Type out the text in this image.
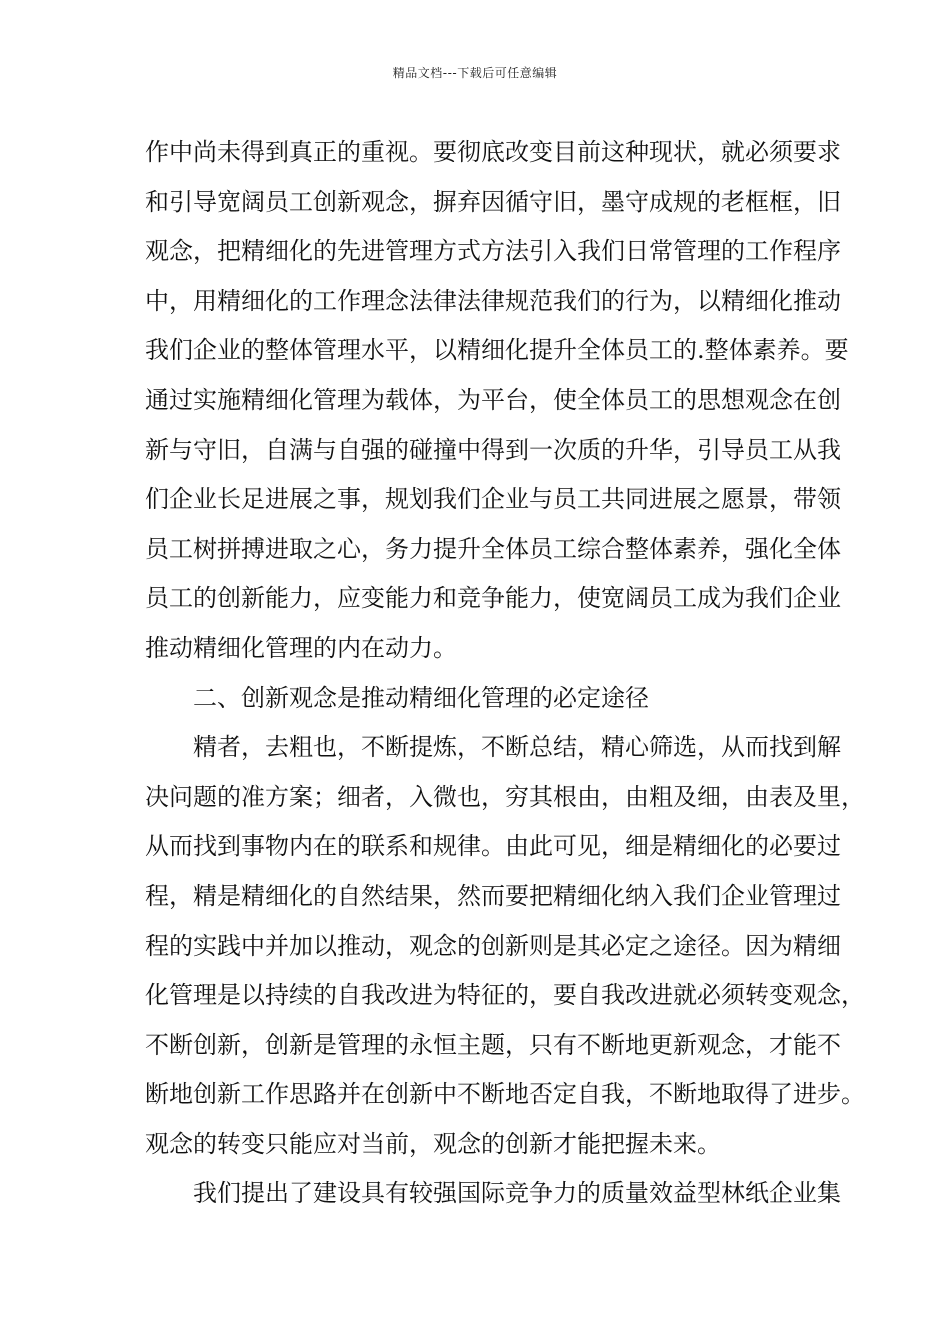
精品文档---下载后可任意编辑
作中尚未得到真正的重视。要彻底改变目前这种现状，就必须要求
和引导宽阔员工创新观念，摒弃因循守旧，墨守成规的老框框，旧
观念，把精细化的先进管理方式方法引入我们日常管理的工作程序
中，用精细化的工作理念法律法律规范我们的行为，以精细化推动
我们企业的整体管理水平，以精细化提升全体员工的.整体素养。要
通过实施精细化管理为载体，为平台，使全体员工的思想观念在创
新与守旧，自满与自强的碰撞中得到一次质的升华，引导员工从我
们企业长足进展之事，规划我们企业与员工共同进展之愿景，带领
员工树拼搏进取之心，务力提升全体员工综合整体素养，强化全体
员工的创新能力，应变能力和竞争能力，使宽阔员工成为我们企业
推动精细化管理的内在动力。
二、创新观念是推动精细化管理的必定途径
精者，去粗也，不断提炼，不断总结，精心筛选，从而找到解
决问题的准方案；细者，入微也，穷其根由，由粗及细，由表及里，
从而找到事物内在的联系和规律。由此可见，细是精细化的必要过
程，精是精细化的自然结果，然而要把精细化纳入我们企业管理过
程的实践中并加以推动，观念的创新则是其必定之途径。因为精细
化管理是以持续的自我改进为特征的，要自我改进就必须转变观念，
不断创新，创新是管理的永恒主题，只有不断地更新观念，才能不
断地创新工作思路并在创新中不断地否定自我，不断地取得了进步。
观念的转变只能应对当前，观念的创新才能把握未来。
我们提出了建设具有较强国际竞争力的质量效益型林纸企业集
